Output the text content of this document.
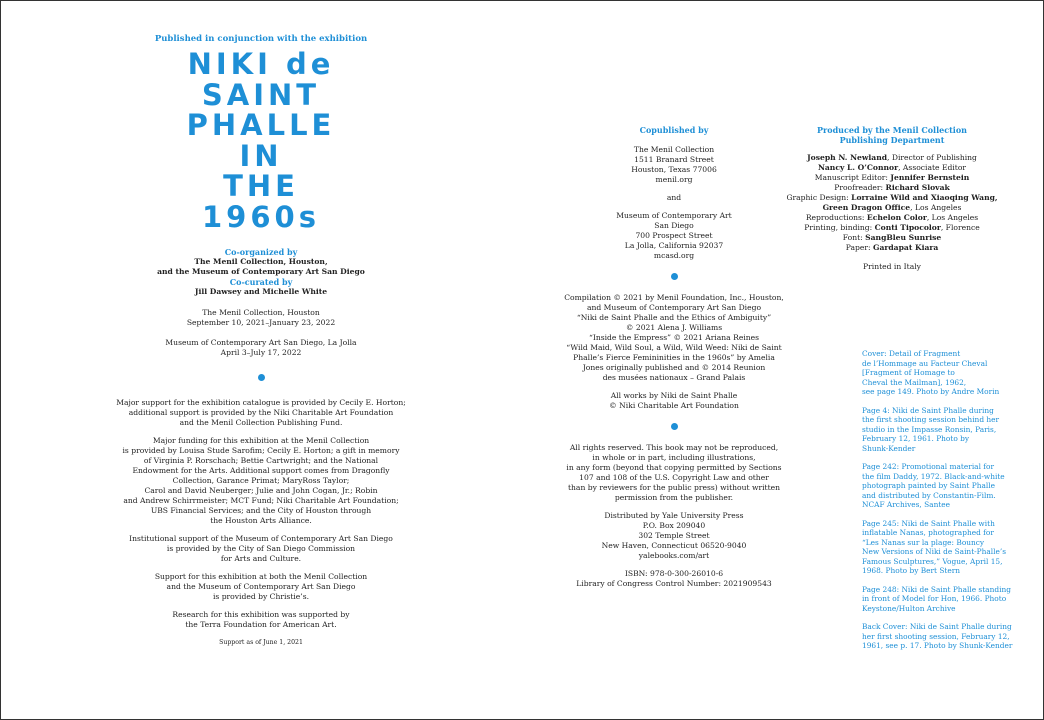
Published in conjunction with the exhibition
NIKI de
SAINT
PHALLE
IN
THE
1960s
Co-organized by
The Menil Collection, Houston,
and the Museum of Contemporary Art San Diego
Co-curated by
Jill Dawsey and Michelle White
The Menil Collection, Houston
September 10, 2021–January 23, 2022
Museum of Contemporary Art San Diego, La Jolla
April 3–July 17, 2022
Major support for the exhibition catalogue is provided by Cecily E. Horton;
additional support is provided by the Niki Charitable Art Foundation
and the Menil Collection Publishing Fund.
Major funding for this exhibition at the Menil Collection
is provided by Louisa Stude Sarofim; Cecily E. Horton; a gift in memory
of Virginia P. Rorschach; Bettie Cartwright; and the National
Endowment for the Arts. Additional support comes from Dragonfly
Collection, Garance Primat; MaryRoss Taylor;
Carol and David Neuberger; Julie and John Cogan, Jr.; Robin
and Andrew Schirrmeister; MCT Fund; Niki Charitable Art Foundation;
UBS Financial Services; and the City of Houston through
the Houston Arts Alliance.
Institutional support of the Museum of Contemporary Art San Diego
is provided by the City of San Diego Commission
for Arts and Culture.
Support for this exhibition at both the Menil Collection
and the Museum of Contemporary Art San Diego
is provided by Christie’s.
Research for this exhibition was supported by
the Terra Foundation for American Art.
Support as of June 1, 2021
Copublished by
The Menil Collection
1511 Branard Street
Houston, Texas 77006
menil.org
and
Museum of Contemporary Art
San Diego
700 Prospect Street
La Jolla, California 92037
mcasd.org
Compilation © 2021 by Menil Foundation, Inc., Houston,
and Museum of Contemporary Art San Diego
“Niki de Saint Phalle and the Ethics of Ambiguity”
© 2021 Alena J. Williams
“Inside the Empress” © 2021 Ariana Reines
“Wild Maid, Wild Soul, a Wild, Wild Weed: Niki de Saint
Phalle’s Fierce Femininities in the 1960s” by Amelia
Jones originally published and © 2014 Reunion
des musées nationaux – Grand Palais
All works by Niki de Saint Phalle
© Niki Charitable Art Foundation
All rights reserved. This book may not be reproduced,
in whole or in part, including illustrations,
in any form (beyond that copying permitted by Sections
107 and 108 of the U.S. Copyright Law and other
than by reviewers for the public press) without written
permission from the publisher.
Distributed by Yale University Press
P.O. Box 209040
302 Temple Street
New Haven, Connecticut 06520-9040
yalebooks.com/art
ISBN: 978-0-300-26010-6
Library of Congress Control Number: 2021909543
Produced by the Menil Collection
Publishing Department
Joseph N. Newland, Director of Publishing
Nancy L. O’Connor, Associate Editor
Manuscript Editor: Jennifer Bernstein
Proofreader: Richard Slovak
Graphic Design: Lorraine Wild and Xiaoqing Wang,
Green Dragon Office, Los Angeles
Reproductions: Echelon Color, Los Angeles
Printing, binding: Conti Tipocolor, Florence
Font: SangBleu Sunrise
Paper: Gardapat Kiara
Printed in Italy
Cover: Detail of Fragment
de l’Hommage au Facteur Cheval
[Fragment of Homage to
Cheval the Mailman], 1962,
see page 149. Photo by Andre Morin
Page 4: Niki de Saint Phalle during
the first shooting session behind her
studio in the Impasse Ronsin, Paris,
February 12, 1961. Photo by
Shunk-Kender
Page 242: Promotional material for
the film Daddy, 1972. Black-and-white
photograph painted by Saint Phalle
and distributed by Constantin-Film.
NCAF Archives, Santee
Page 245: Niki de Saint Phalle with
inflatable Nanas, photographed for
“Les Nanas sur la plage: Bouncy
New Versions of Niki de Saint-Phalle’s
Famous Sculptures,” Vogue, April 15,
1968. Photo by Bert Stern
Page 248: Niki de Saint Phalle standing
in front of Model for Hon, 1966. Photo
Keystone/Hulton Archive
Back Cover: Niki de Saint Phalle during
her first shooting session, February 12,
1961, see p. 17. Photo by Shunk-Kender
